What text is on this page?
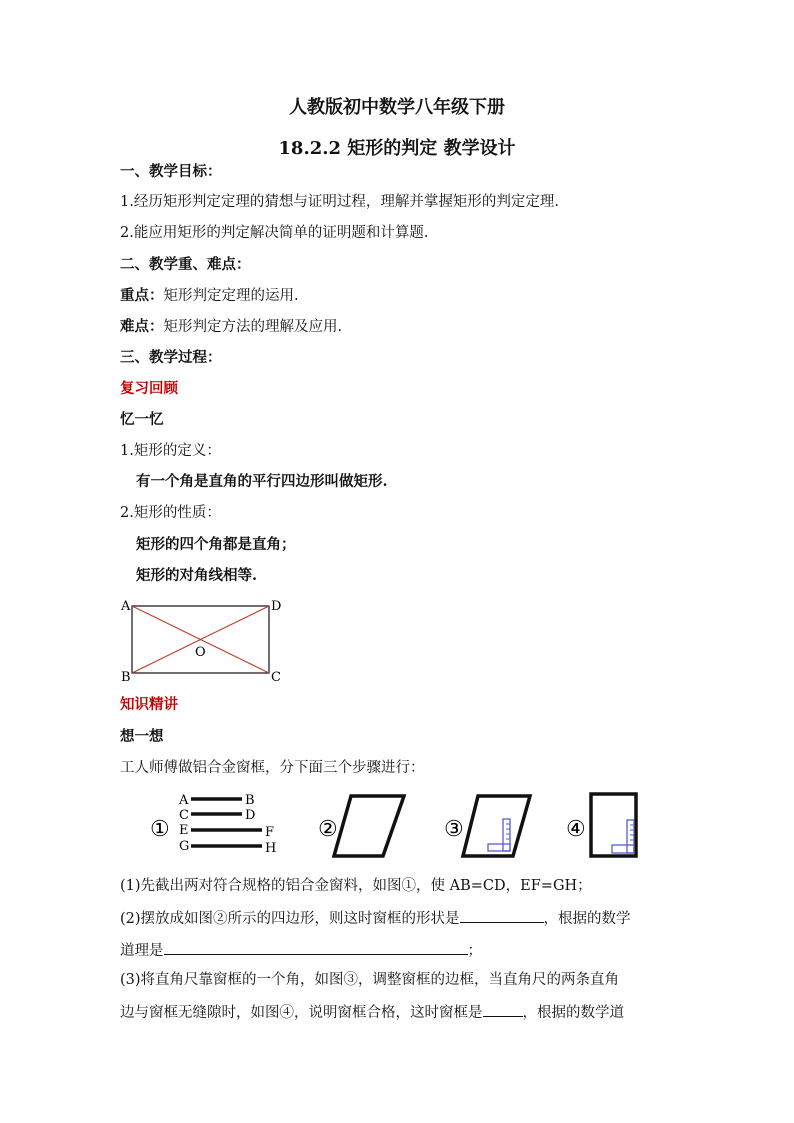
人教版初中数学八年级下册
18.2.2 矩形的判定 教学设计
一、教学目标：
1.经历矩形判定定理的猜想与证明过程，理解并掌握矩形的判定定理.
2.能应用矩形的判定解决简单的证明题和计算题.
二、教学重、难点：
重点：矩形判定定理的运用.
难点：矩形判定方法的理解及应用.
三、教学过程：
复习回顾
忆一忆
1.矩形的定义：
有一个角是直角的平行四边形叫做矩形.
2.矩形的性质：
矩形的四个角都是直角；
矩形的对角线相等.
A	D
B	C
O
知识精讲
想一想
工人师傅做铝合金窗框，分下面三个步骤进行：
①
A
C
E
G
B
D
F
H
②	③	④
(1)先截出两对符合规格的铝合金窗料，如图①，使 AB=CD，EF=GH；
(2)摆放成如图②所示的四边形，则这时窗框的形状是	，根据的数学
道理是	；
(3)将直角尺靠窗框的一个角，如图③，调整窗框的边框，当直角尺的两条直角
边与窗框无缝隙时，如图④，说明窗框合格，这时窗框是	，根据的数学道
